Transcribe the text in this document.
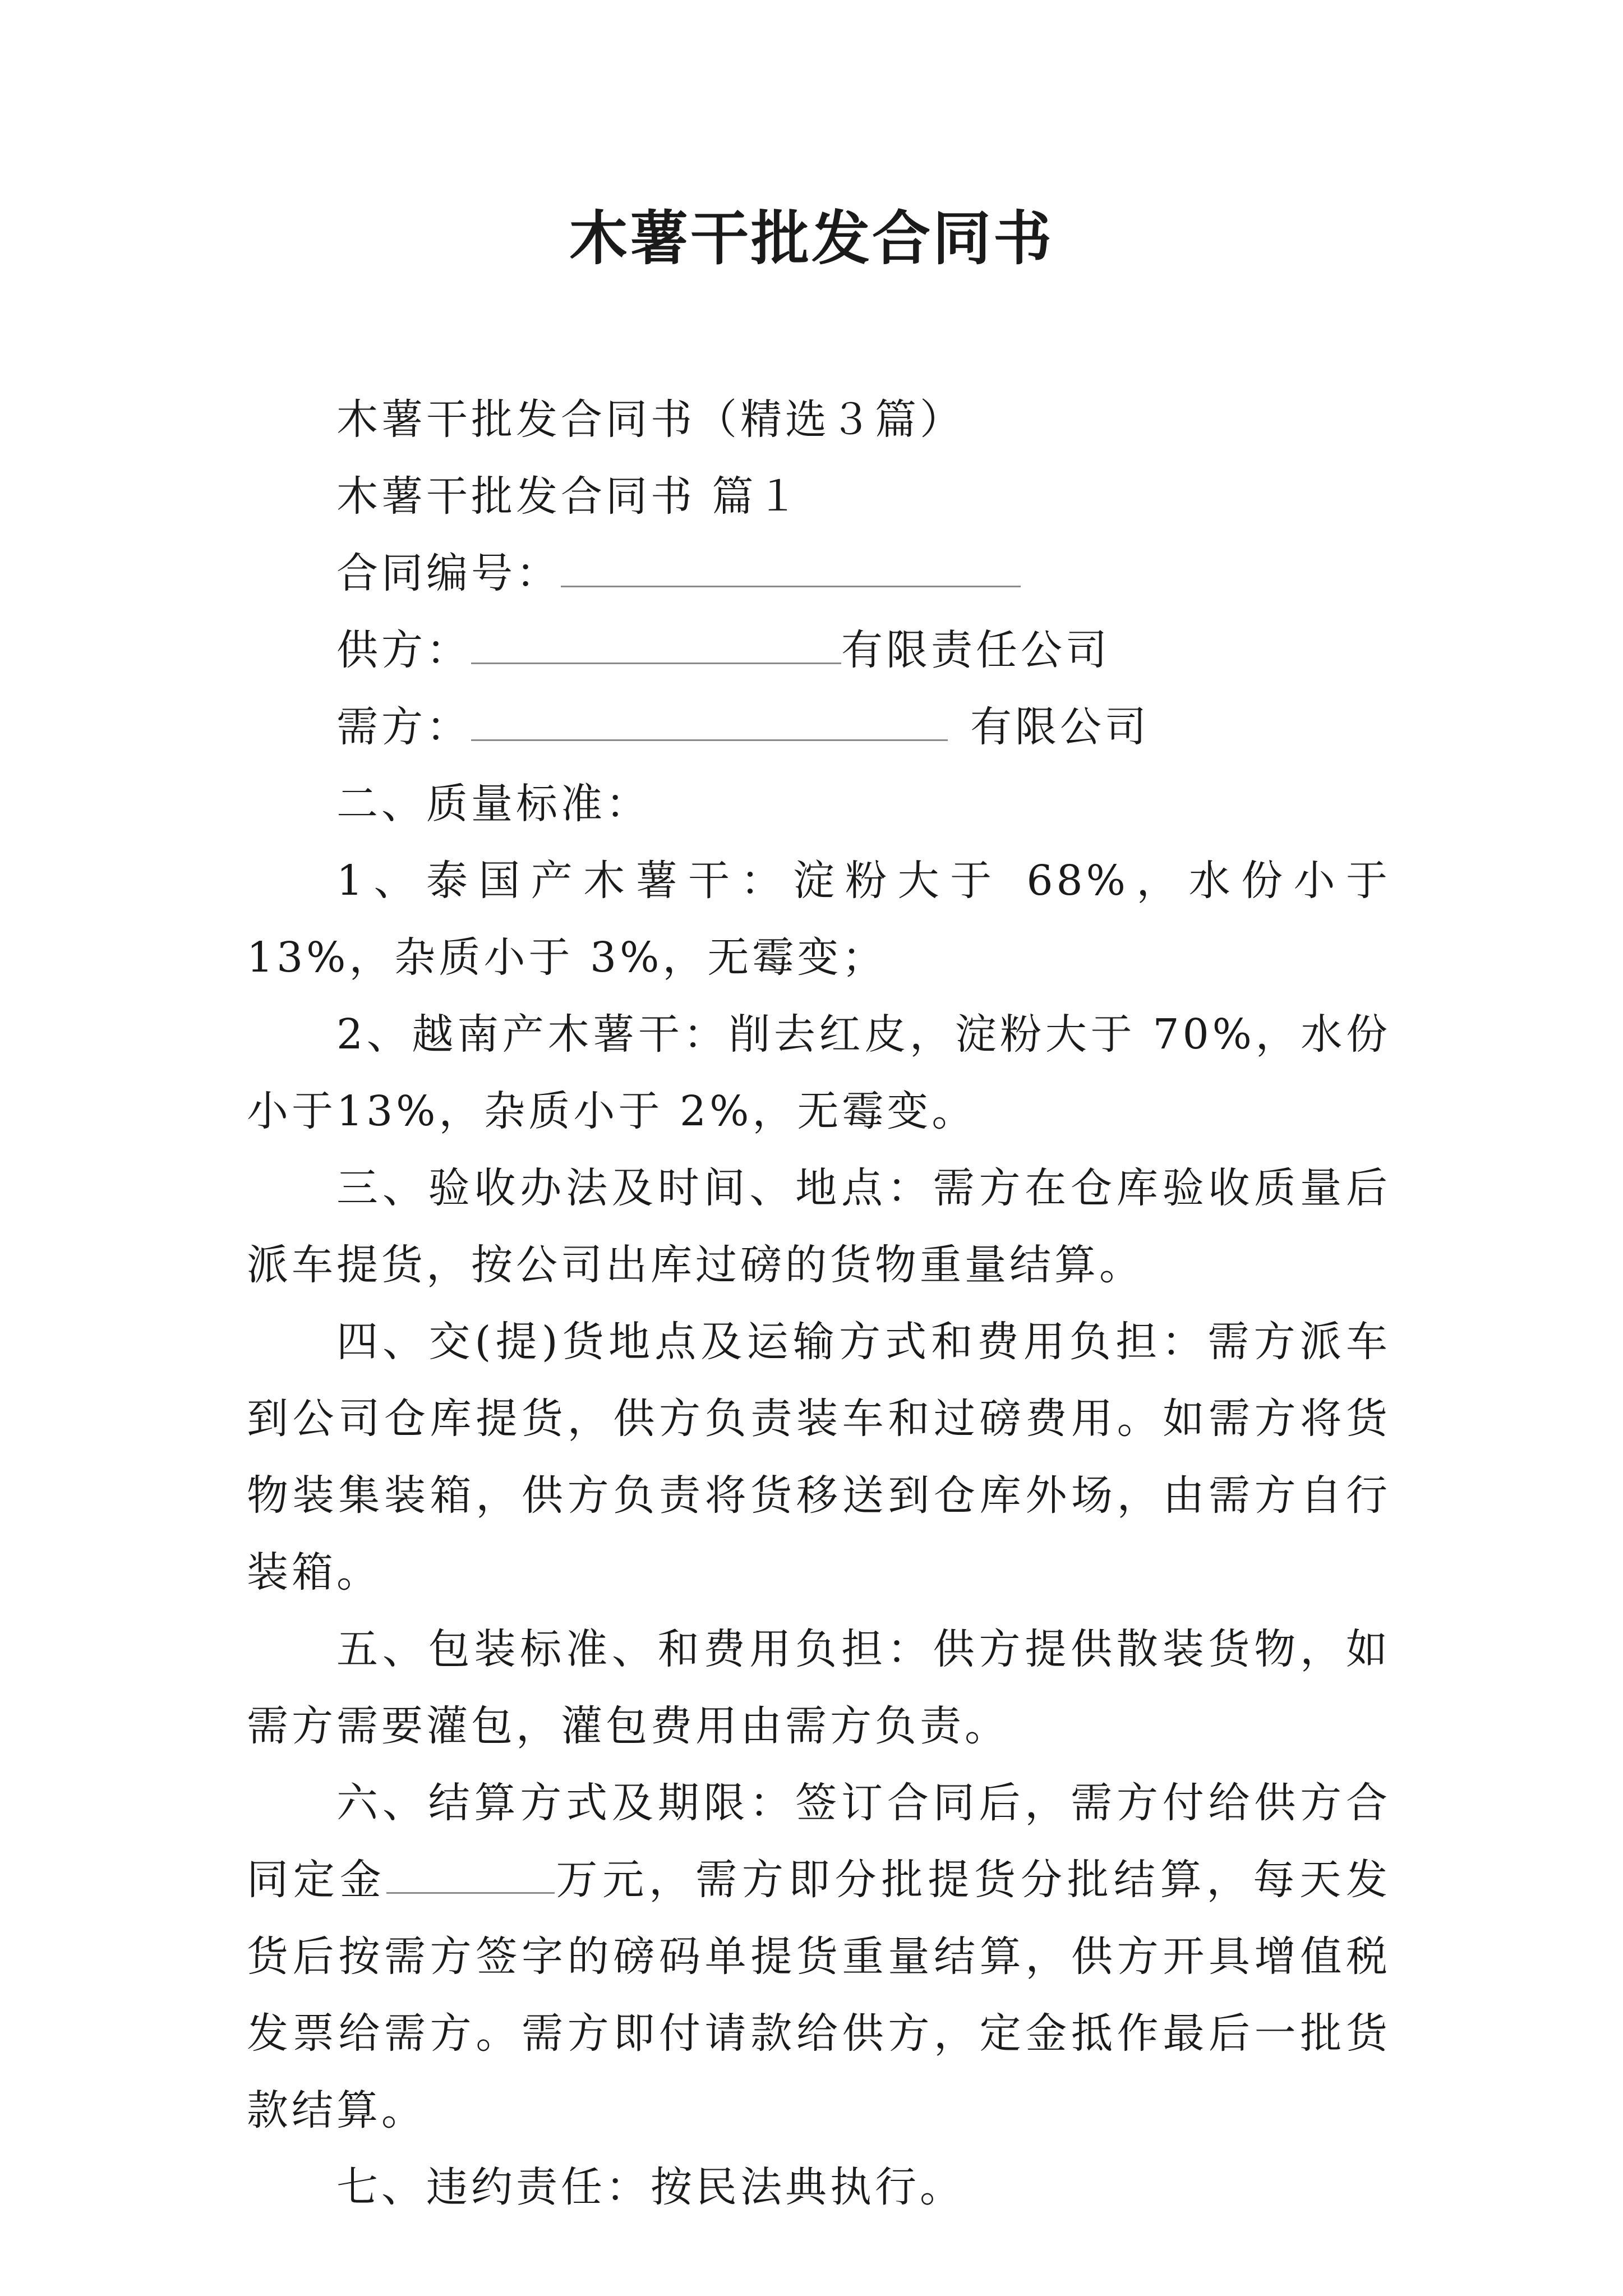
木薯干批发合同书

木薯干批发合同书（精选３篇）

木薯干批发合同书 篇１

合同编号：

供方：	有限责任公司

需方：	有限公司

二、质量标准：

1、泰国产木薯干：淀粉大于 68%，水份小于 13%，杂质小于 3%，无霉变；

2、越南产木薯干：削去红皮，淀粉大于 70%，水份小于13%，杂质小于 2%，无霉变。

三、验收办法及时间、地点：需方在仓库验收质量后派车提货，按公司出库过磅的货物重量结算。

四、交(提)货地点及运输方式和费用负担：需方派车到公司仓库提货，供方负责装车和过磅费用。如需方将货物装集装箱，供方负责将货移送到仓库外场，由需方自行装箱。

五、包装标准、和费用负担：供方提供散装货物，如需方需要灌包，灌包费用由需方负责。

六、结算方式及期限：签订合同后，需方付给供方合同定金	万元，需方即分批提货分批结算，每天发货后按需方签字的磅码单提货重量结算，供方开具增值税发票给需方。需方即付请款给供方，定金抵作最后一批货款结算。

七、违约责任：按民法典执行。
